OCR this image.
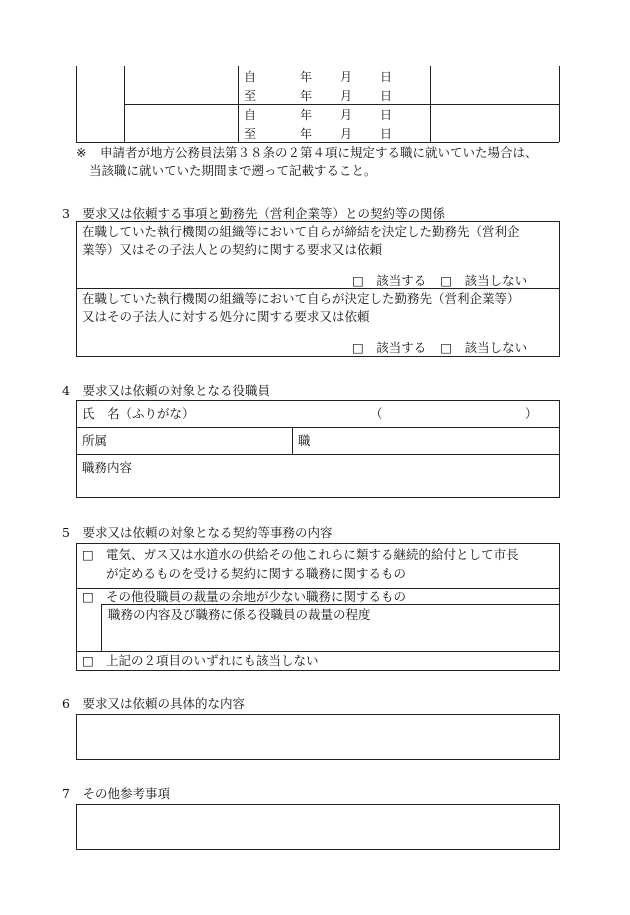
自	年 月 日
至	年 月 日
自	年 月 日
至	年 月 日
※ 申請者が地方公務員法第３８条の２第４項に規定する職に就いていた場合は、
当該職に就いていた期間まで遡って記載すること。
3　要求又は依頼する事項と勤務先（営利企業等）との契約等の関係
在職していた執行機関の組織等において自らが締結を決定した勤務先（営利企
業等）又はその子法人との契約に関する要求又は依頼
□　該当する □　該当しない
在職していた執行機関の組織等において自らが決定した勤務先（営利企業等）
又はその子法人に対する処分に関する要求又は依頼
□　該当する □　該当しない
4　要求又は依頼の対象となる役職員
氏　名（ふりがな）	（	）
所属	職
職務内容
5　要求又は依頼の対象となる契約等事務の内容
□ 電気、ガス又は水道水の供給その他これらに類する継続的給付として市長
が定めるものを受ける契約に関する職務に関するもの
□ その他役職員の裁量の余地が少ない職務に関するもの
職務の内容及び職務に係る役職員の裁量の程度
□ 上記の２項目のいずれにも該当しない
6　要求又は依頼の具体的な内容
7　その他参考事項
